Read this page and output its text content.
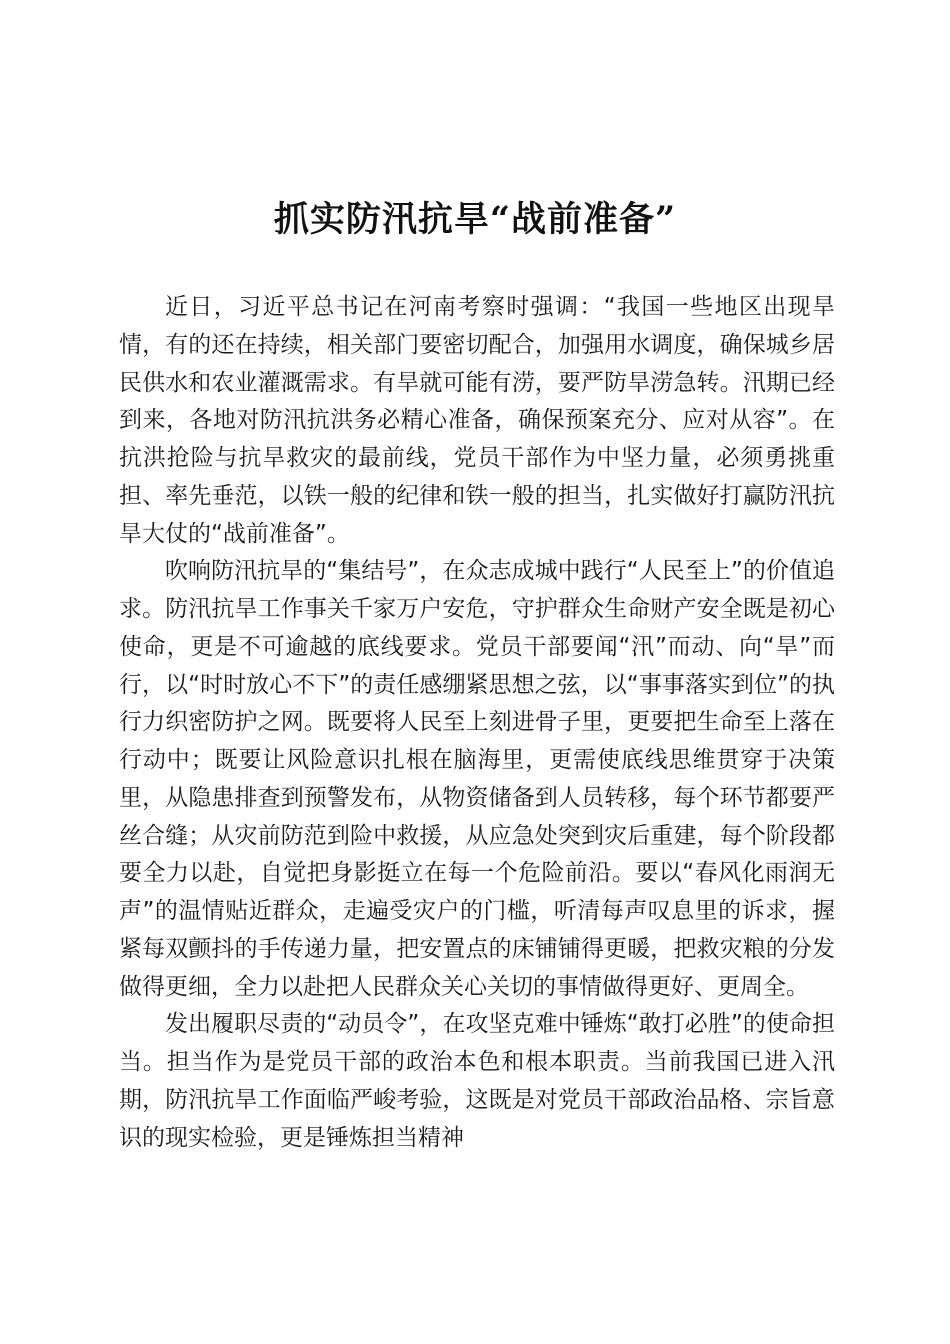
抓实防汛抗旱“战前准备”

近日，习近平总书记在河南考察时强调：“我国一些地区出现旱情，有的还在持续，相关部门要密切配合，加强用水调度，确保城乡居民供水和农业灌溉需求。有旱就可能有涝，要严防旱涝急转。汛期已经到来，各地对防汛抗洪务必精心准备，确保预案充分、应对从容”。在抗洪抢险与抗旱救灾的最前线，党员干部作为中坚力量，必须勇挑重担、率先垂范，以铁一般的纪律和铁一般的担当，扎实做好打赢防汛抗旱大仗的“战前准备”。

吹响防汛抗旱的“集结号”，在众志成城中践行“人民至上”的价值追求。防汛抗旱工作事关千家万户安危，守护群众生命财产安全既是初心使命，更是不可逾越的底线要求。党员干部要闻“汛”而动、向“旱”而行，以“时时放心不下”的责任感绷紧思想之弦，以“事事落实到位”的执行力织密防护之网。既要将人民至上刻进骨子里，更要把生命至上落在行动中；既要让风险意识扎根在脑海里，更需使底线思维贯穿于决策里，从隐患排查到预警发布，从物资储备到人员转移，每个环节都要严丝合缝；从灾前防范到险中救援，从应急处突到灾后重建，每个阶段都要全力以赴，自觉把身影挺立在每一个危险前沿。要以“春风化雨润无声”的温情贴近群众，走遍受灾户的门槛，听清每声叹息里的诉求，握紧每双颤抖的手传递力量，把安置点的床铺铺得更暖，把救灾粮的分发做得更细，全力以赴把人民群众关心关切的事情做得更好、更周全。

发出履职尽责的“动员令”，在攻坚克难中锤炼“敢打必胜”的使命担当。担当作为是党员干部的政治本色和根本职责。当前我国已进入汛期，防汛抗旱工作面临严峻考验，这既是对党员干部政治品格、宗旨意识的现实检验，更是锤炼担当精神
